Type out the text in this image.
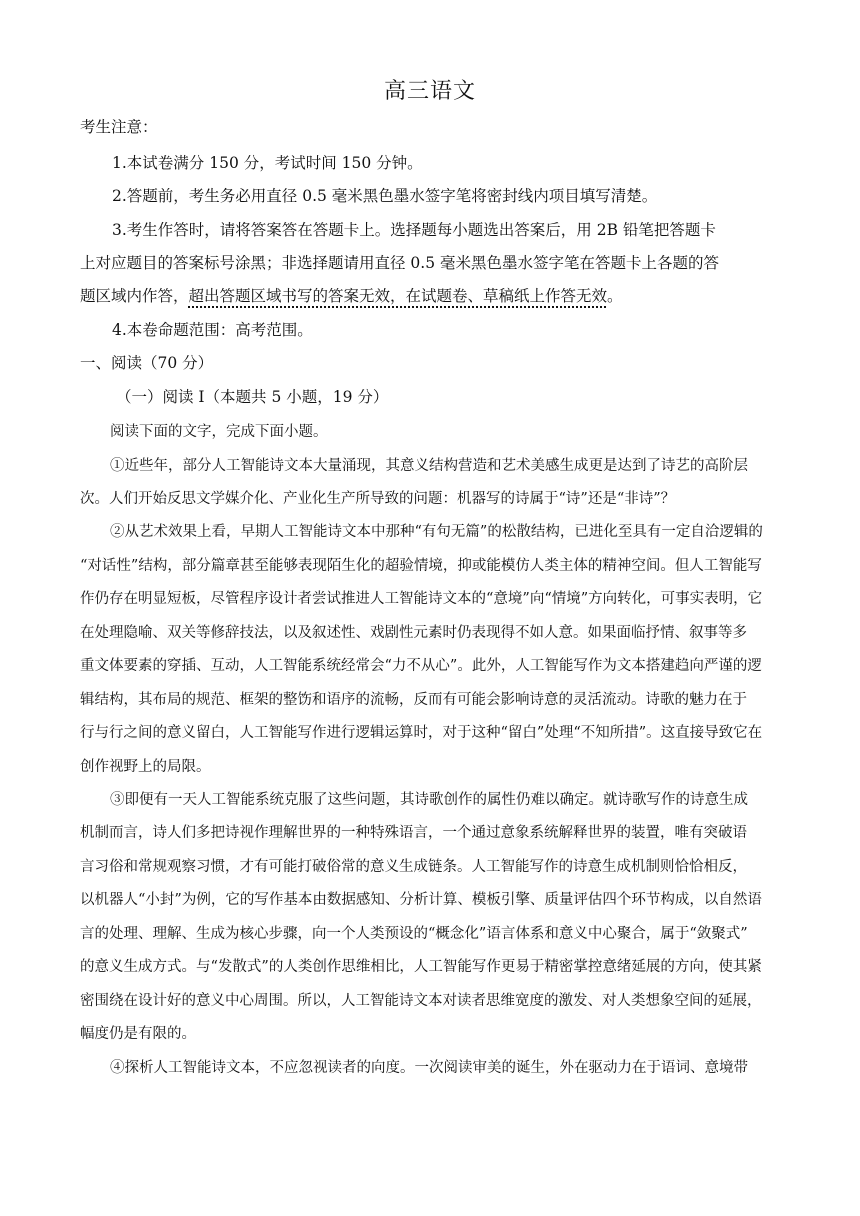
高三语文
考生注意：
1.本试卷满分 150 分，考试时间 150 分钟。
2.答题前，考生务必用直径 0.5 毫米黑色墨水签字笔将密封线内项目填写清楚。
3.考生作答时，请将答案答在答题卡上。选择题每小题选出答案后，用 2B 铅笔把答题卡
上对应题目的答案标号涂黑；非选择题请用直径 0.5 毫米黑色墨水签字笔在答题卡上各题的答
题区域内作答，超出答题区域书写的答案无效，在试题卷、草稿纸上作答无效。
4.本卷命题范围：高考范围。
一、阅读（70 分）
（一）阅读 I（本题共 5 小题，19 分）
阅读下面的文字，完成下面小题。
①近些年，部分人工智能诗文本大量涌现，其意义结构营造和艺术美感生成更是达到了诗艺的高阶层
次。人们开始反思文学媒介化、产业化生产所导致的问题：机器写的诗属于“诗”还是“非诗”？
②从艺术效果上看，早期人工智能诗文本中那种“有句无篇”的松散结构，已进化至具有一定自洽逻辑的
“对话性”结构，部分篇章甚至能够表现陌生化的超验情境，抑或能模仿人类主体的精神空间。但人工智能写
作仍存在明显短板，尽管程序设计者尝试推进人工智能诗文本的“意境”向“情境”方向转化，可事实表明，它
在处理隐喻、双关等修辞技法，以及叙述性、戏剧性元素时仍表现得不如人意。如果面临抒情、叙事等多
重文体要素的穿插、互动，人工智能系统经常会“力不从心”。此外，人工智能写作为文本搭建趋向严谨的逻
辑结构，其布局的规范、框架的整饬和语序的流畅，反而有可能会影响诗意的灵活流动。诗歌的魅力在于
行与行之间的意义留白，人工智能写作进行逻辑运算时，对于这种“留白”处理“不知所措”。这直接导致它在
创作视野上的局限。
③即便有一天人工智能系统克服了这些问题，其诗歌创作的属性仍难以确定。就诗歌写作的诗意生成
机制而言，诗人们多把诗视作理解世界的一种特殊语言，一个通过意象系统解释世界的装置，唯有突破语
言习俗和常规观察习惯，才有可能打破俗常的意义生成链条。人工智能写作的诗意生成机制则恰恰相反，
以机器人“小封”为例，它的写作基本由数据感知、分析计算、模板引擎、质量评估四个环节构成，以自然语
言的处理、理解、生成为核心步骤，向一个人类预设的“概念化”语言体系和意义中心聚合，属于“敛聚式”
的意义生成方式。与“发散式”的人类创作思维相比，人工智能写作更易于精密掌控意绪延展的方向，使其紧
密围绕在设计好的意义中心周围。所以，人工智能诗文本对读者思维宽度的激发、对人类想象空间的延展，
幅度仍是有限的。
④探析人工智能诗文本，不应忽视读者的向度。一次阅读审美的诞生，外在驱动力在于语词、意境带
